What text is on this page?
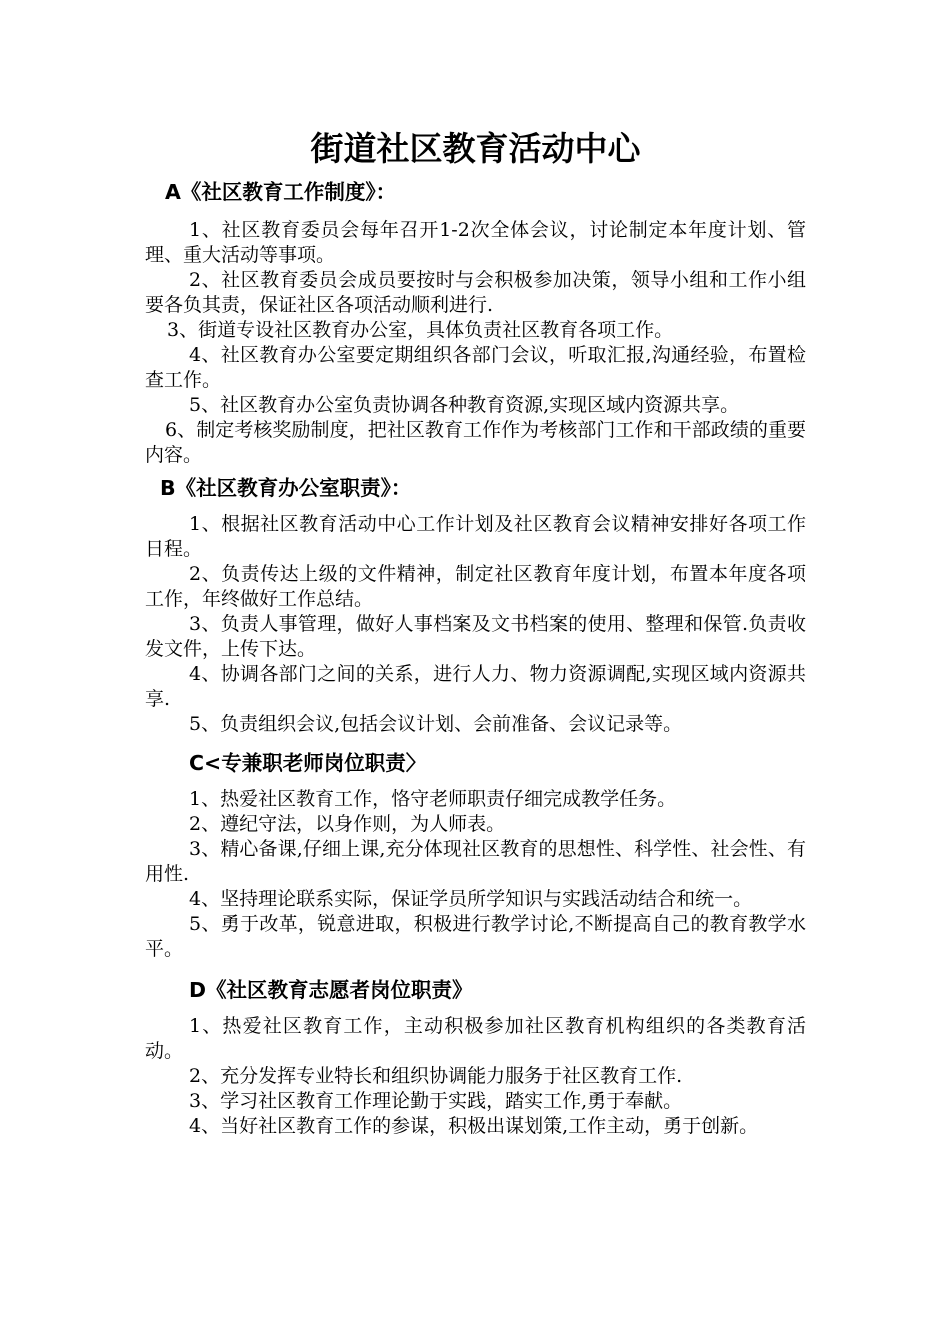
街道社区教育活动中心
A《社区教育工作制度》：

1、社区教育委员会每年召开1-2次全体会议，讨论制定本年度计划、管理、重大活动等事项。

2、社区教育委员会成员要按时与会积极参加决策，领导小组和工作小组要各负其责，保证社区各项活动顺利进行.

3、街道专设社区教育办公室，具体负责社区教育各项工作。

4、社区教育办公室要定期组织各部门会议，听取汇报,沟通经验，布置检查工作。

5、社区教育办公室负责协调各种教育资源,实现区域内资源共享。

6、制定考核奖励制度，把社区教育工作作为考核部门工作和干部政绩的重要内容。

B《社区教育办公室职责》：

1、根据社区教育活动中心工作计划及社区教育会议精神安排好各项工作日程。

2、负责传达上级的文件精神，制定社区教育年度计划，布置本年度各项工作，年终做好工作总结。

3、负责人事管理，做好人事档案及文书档案的使用、整理和保管.负责收发文件，上传下达。

4、协调各部门之间的关系，进行人力、物力资源调配,实现区域内资源共享.

5、负责组织会议,包括会议计划、会前准备、会议记录等。

C<专兼职老师岗位职责〉

1、热爱社区教育工作，恪守老师职责仔细完成教学任务。

2、遵纪守法，以身作则，为人师表。

3、精心备课,仔细上课,充分体现社区教育的思想性、科学性、社会性、有用性.

4、坚持理论联系实际，保证学员所学知识与实践活动结合和统一。

5、勇于改革，锐意进取，积极进行教学讨论,不断提高自己的教育教学水平。

D《社区教育志愿者岗位职责》

1、热爱社区教育工作，主动积极参加社区教育机构组织的各类教育活动。

2、充分发挥专业特长和组织协调能力服务于社区教育工作.

3、学习社区教育工作理论勤于实践，踏实工作,勇于奉献。

4、当好社区教育工作的参谋，积极出谋划策,工作主动，勇于创新。
